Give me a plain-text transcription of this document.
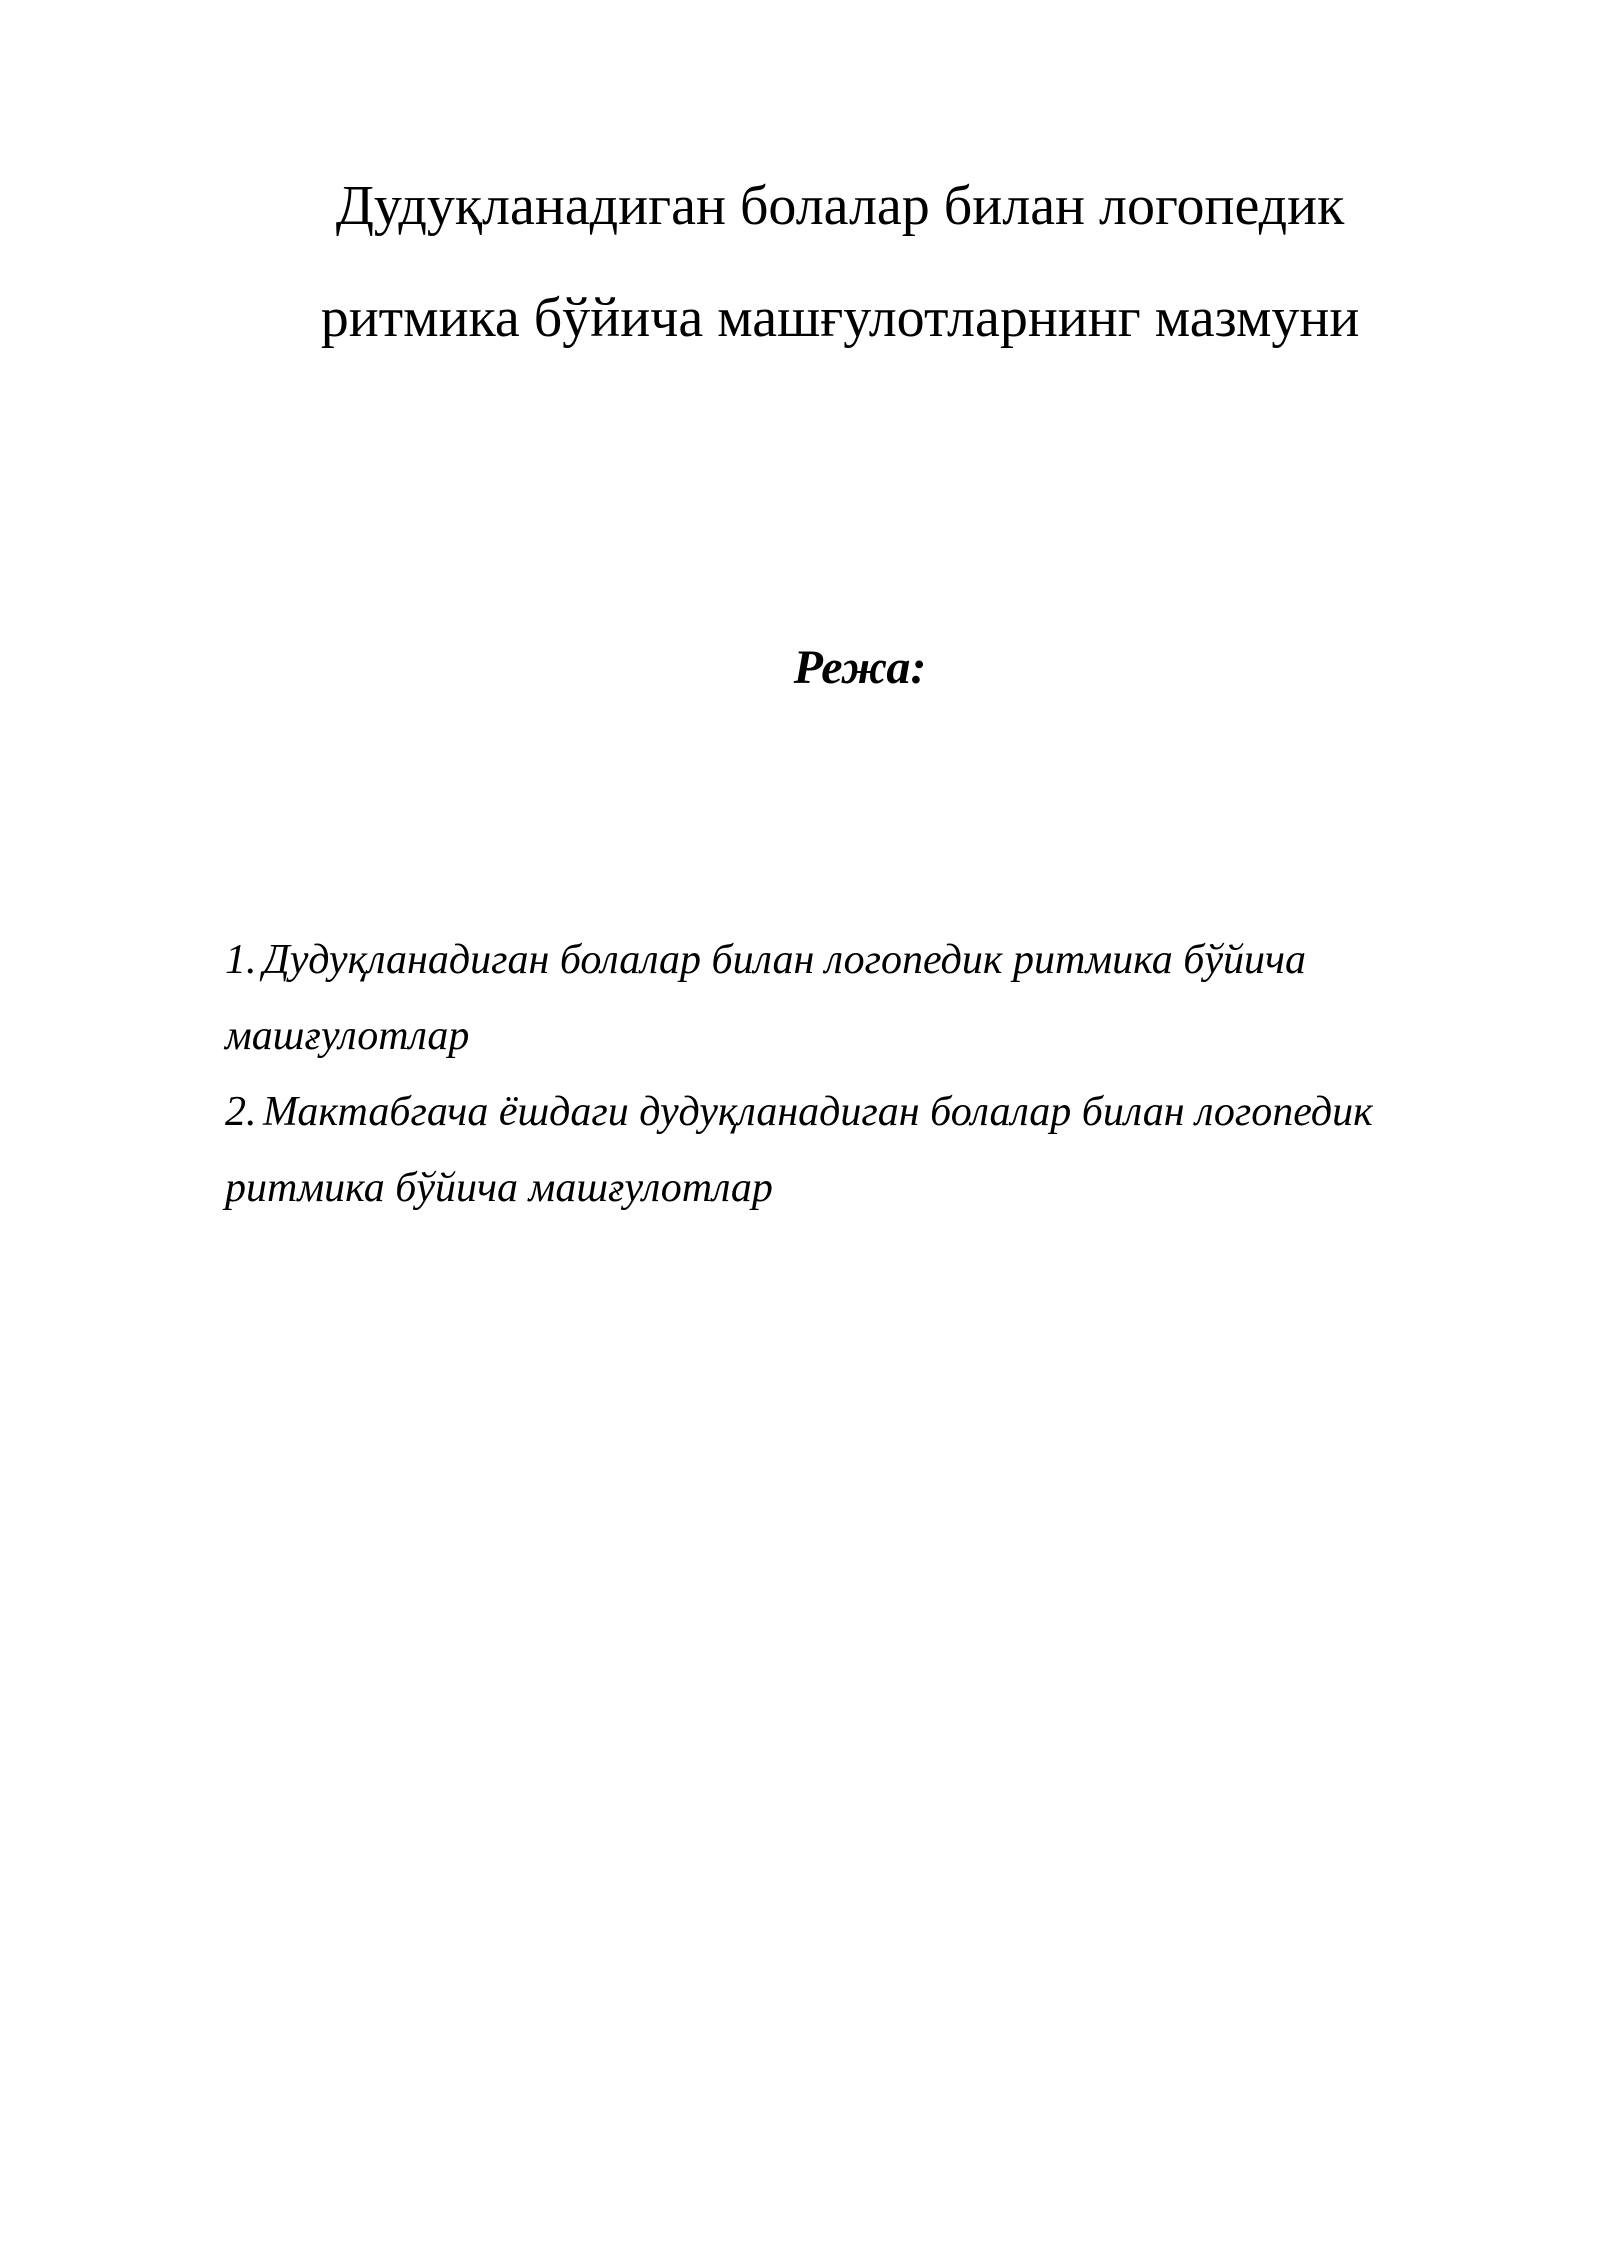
Дудуқланадиган болалар билан логопедик
ритмика бўйича машғулотларнинг мазмуни
Режа:
1. Дудуқланадиган болалар билан логопедик ритмика бўйича
машғулотлар
2. Мактабгача ёшдаги дудуқланадиган болалар билан логопедик
ритмика бўйича машғулотлар
